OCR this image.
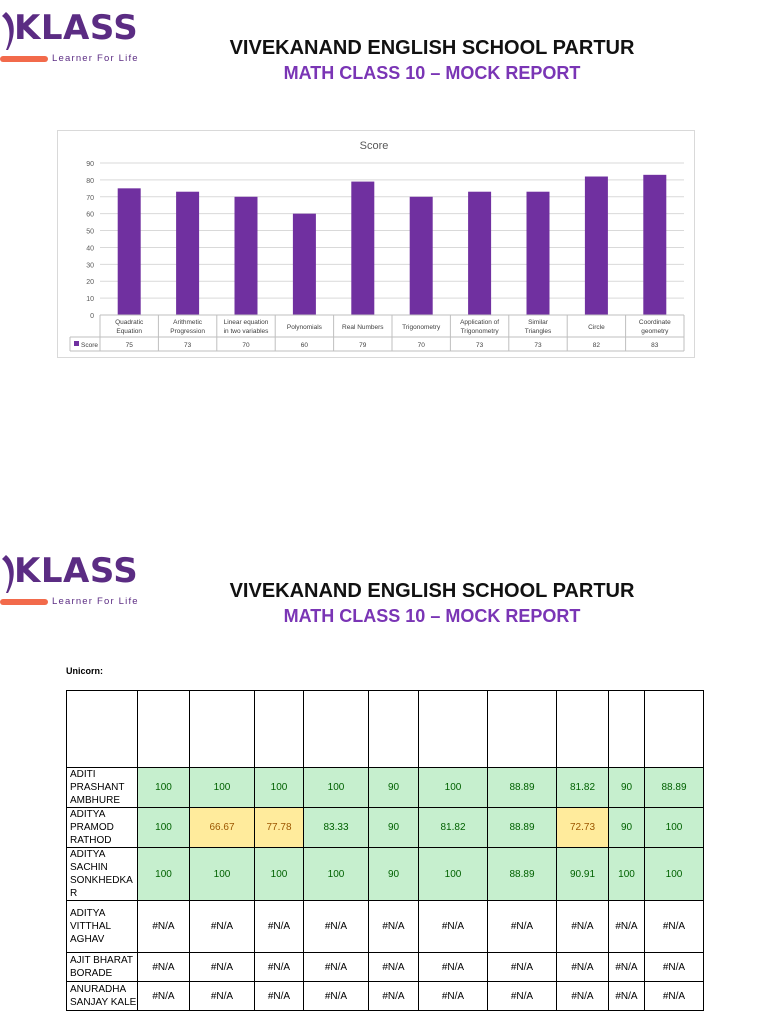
KLASS
Learner For Life	VIVEKANAND ENGLISH SCHOOL PARTUR
MATH CLASS 10 – MOCK REPORT
Score
0
10
20
30
40
50
60
70
80
90
Quadratic Equation
75
Arithmetic Progression
73
Linear equation in two variables
70
Polynomials
60
Real Numbers
79
Trigonometry
70
Application of Trigonometry
73
Similar Triangles
73
Circle
82
Coordinate geometry
83
Score
KLASS
Learner For Life	VIVEKANAND ENGLISH SCHOOL PARTUR
MATH CLASS 10 – MOCK REPORT
Unicorn:

ADITI PRASHANT AMBHURE	100	100	100	100	90	100	88.89	81.82	90	88.89
ADITYA PRAMOD RATHOD	100	66.67	77.78	83.33	90	81.82	88.89	72.73	90	100
ADITYA SACHIN SONKHEDKA R	100	100	100	100	90	100	88.89	90.91	100	100
ADITYA VITTHAL AGHAV	#N/A	#N/A	#N/A	#N/A	#N/A	#N/A	#N/A	#N/A	#N/A	#N/A
AJIT BHARAT BORADE	#N/A	#N/A	#N/A	#N/A	#N/A	#N/A	#N/A	#N/A	#N/A	#N/A
ANURADHA SANJAY KALE	#N/A	#N/A	#N/A	#N/A	#N/A	#N/A	#N/A	#N/A	#N/A	#N/A
